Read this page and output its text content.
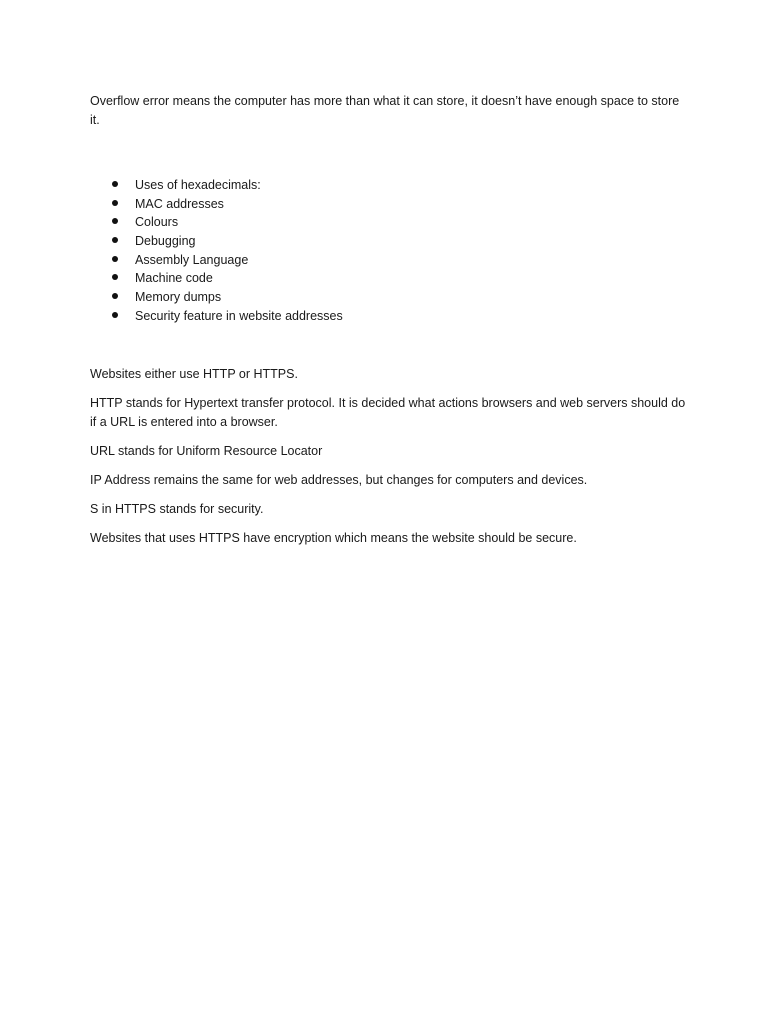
Overflow error means the computer has more than what it can store, it doesn’t have enough space to store it.

Uses of hexadecimals:
MAC addresses
Colours
Debugging
Assembly Language
Machine code
Memory dumps
Security feature in website addresses

Websites either use HTTP or HTTPS.

HTTP stands for Hypertext transfer protocol. It is decided what actions browsers and web servers should do if a URL is entered into a browser.

URL stands for Uniform Resource Locator

IP Address remains the same for web addresses, but changes for computers and devices.

S in HTTPS stands for security.

Websites that uses HTTPS have encryption which means the website should be secure.
